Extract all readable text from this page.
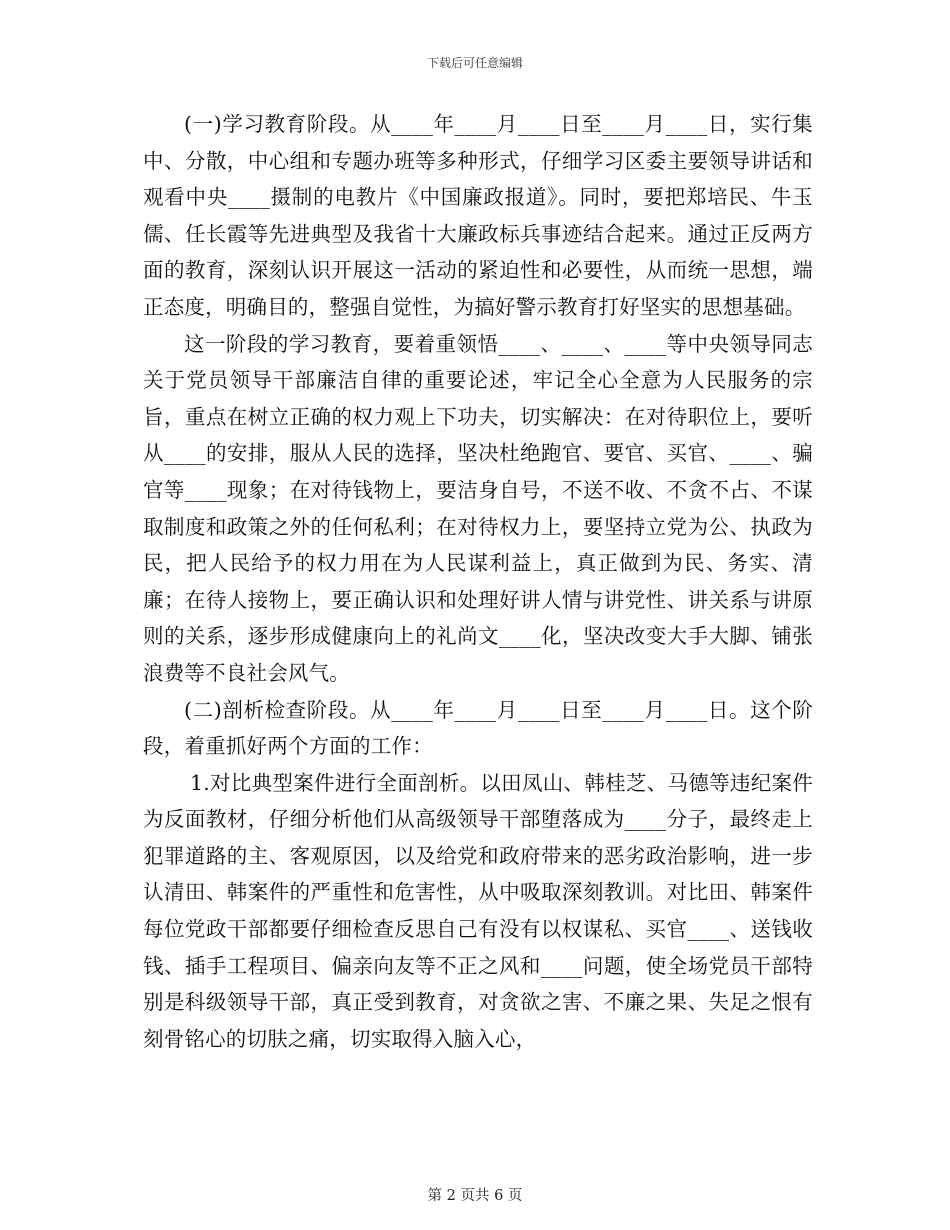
下载后可任意编辑

(一)学习教育阶段。从____年____月____日至____月____日，实行集中、分散，中心组和专题办班等多种形式，仔细学习区委主要领导讲话和观看中央____摄制的电教片《中国廉政报道》。同时，要把郑培民、牛玉儒、任长霞等先进典型及我省十大廉政标兵事迹结合起来。通过正反两方面的教育，深刻认识开展这一活动的紧迫性和必要性，从而统一思想，端正态度，明确目的，整强自觉性，为搞好警示教育打好坚实的思想基础。

这一阶段的学习教育，要着重领悟____、____、____等中央领导同志关于党员领导干部廉洁自律的重要论述，牢记全心全意为人民服务的宗旨，重点在树立正确的权力观上下功夫，切实解决：在对待职位上，要听从____的安排，服从人民的选择，坚决杜绝跑官、要官、买官、____、骗官等____现象；在对待钱物上，要洁身自号，不送不收、不贪不占、不谋取制度和政策之外的任何私利；在对待权力上，要坚持立党为公、执政为民，把人民给予的权力用在为人民谋利益上，真正做到为民、务实、清廉；在待人接物上，要正确认识和处理好讲人情与讲党性、讲关系与讲原则的关系，逐步形成健康向上的礼尚文____化，坚决改变大手大脚、铺张浪费等不良社会风气。

(二)剖析检查阶段。从____年____月____日至____月____日。这个阶段，着重抓好两个方面的工作：

1.对比典型案件进行全面剖析。以田凤山、韩桂芝、马德等违纪案件为反面教材，仔细分析他们从高级领导干部堕落成为____分子，最终走上犯罪道路的主、客观原因，以及给党和政府带来的恶劣政治影响，进一步认清田、韩案件的严重性和危害性，从中吸取深刻教训。对比田、韩案件每位党政干部都要仔细检查反思自己有没有以权谋私、买官____、送钱收钱、插手工程项目、偏亲向友等不正之风和____问题，使全场党员干部特别是科级领导干部，真正受到教育，对贪欲之害、不廉之果、失足之恨有刻骨铭心的切肤之痛，切实取得入脑入心，

第 2 页共 6 页
